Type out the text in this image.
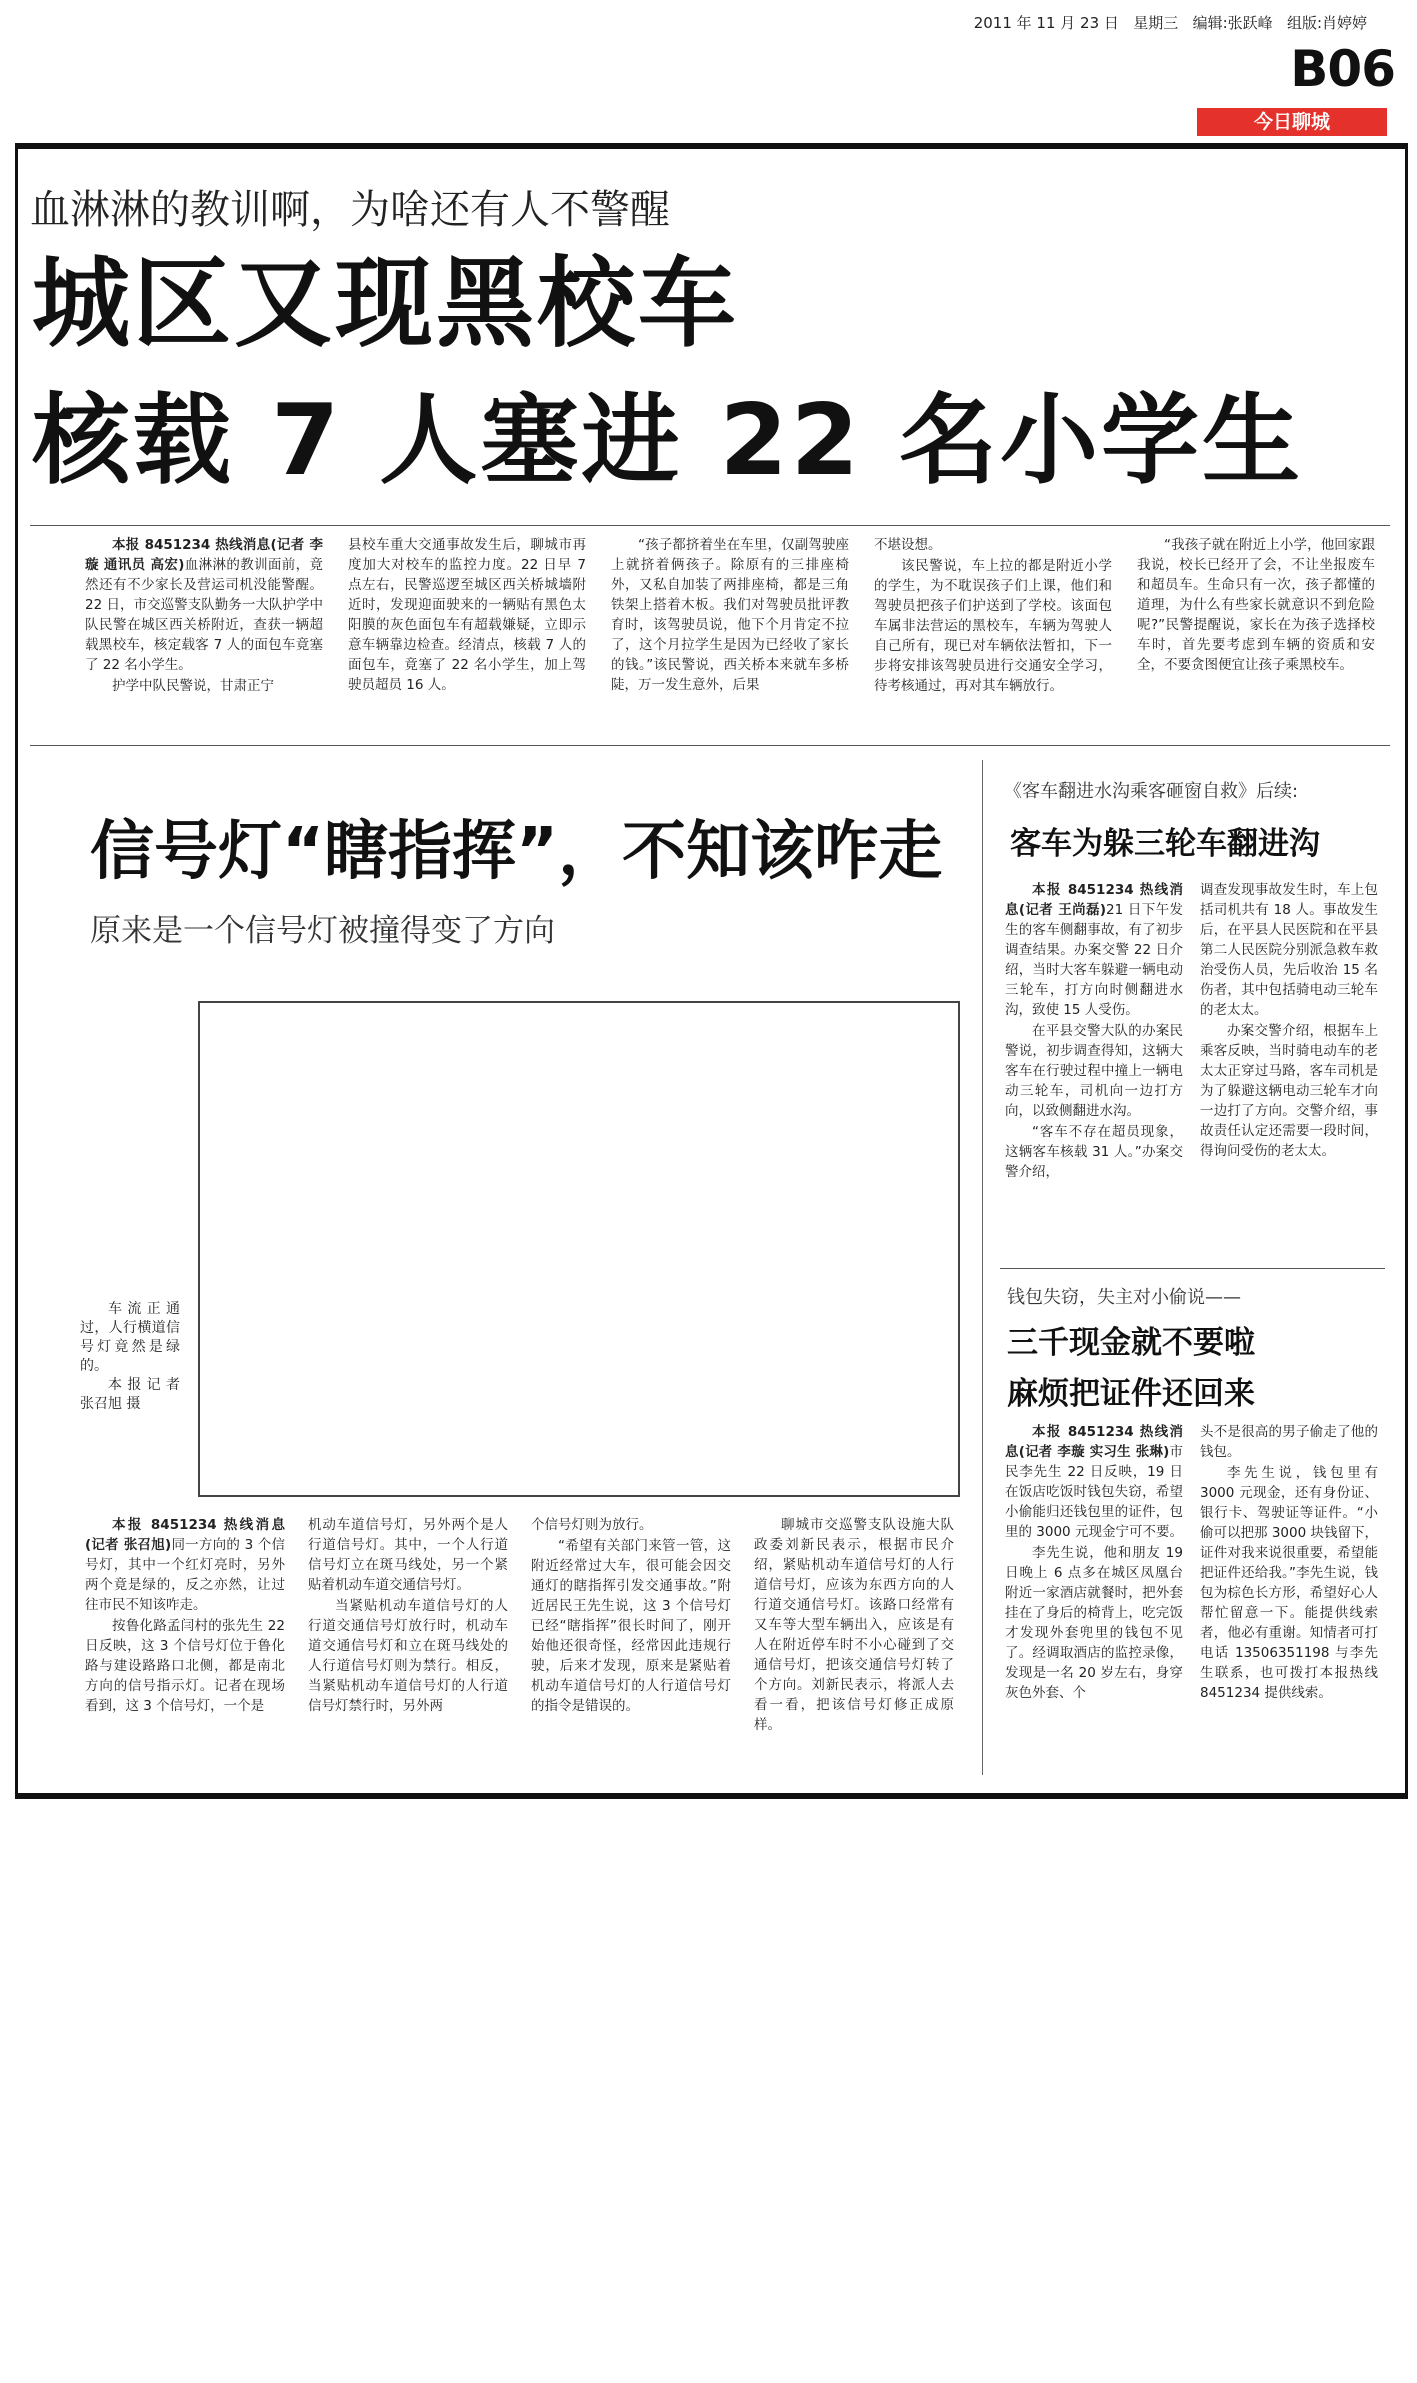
2011 年 11 月 23 日 星期三 编辑:张跃峰 组版:肖婷婷
B06
今日聊城
血淋淋的教训啊，为啥还有人不警醒
城区又现黑校车
核载 7 人塞进 22 名小学生

本报 8451234 热线消息(记者 李璇 通讯员 高宏)血淋淋的教训面前，竟然还有不少家长及营运司机没能警醒。22 日，市交巡警支队勤务一大队护学中队民警在城区西关桥附近，查获一辆超载黑校车，核定载客 7 人的面包车竟塞了 22 名小学生。

护学中队民警说，甘肃正宁

县校车重大交通事故发生后，聊城市再度加大对校车的监控力度。22 日早 7 点左右，民警巡逻至城区西关桥城墙附近时，发现迎面驶来的一辆贴有黑色太阳膜的灰色面包车有超载嫌疑，立即示意车辆靠边检查。经清点，核载 7 人的面包车，竟塞了 22 名小学生，加上驾驶员超员 16 人。

“孩子都挤着坐在车里，仅副驾驶座上就挤着俩孩子。除原有的三排座椅外，又私自加装了两排座椅，都是三角铁架上搭着木板。我们对驾驶员批评教育时，该驾驶员说，他下个月肯定不拉了，这个月拉学生是因为已经收了家长的钱。”该民警说，西关桥本来就车多桥陡，万一发生意外，后果

不堪设想。

该民警说，车上拉的都是附近小学的学生，为不耽误孩子们上课，他们和驾驶员把孩子们护送到了学校。该面包车属非法营运的黑校车，车辆为驾驶人自己所有，现已对车辆依法暂扣，下一步将安排该驾驶员进行交通安全学习，待考核通过，再对其车辆放行。

“我孩子就在附近上小学，他回家跟我说，校长已经开了会，不让坐报废车和超员车。生命只有一次，孩子都懂的道理，为什么有些家长就意识不到危险呢?”民警提醒说，家长在为孩子选择校车时，首先要考虑到车辆的资质和安全，不要贪图便宜让孩子乘黑校车。

信号灯“瞎指挥”，不知该咋走
原来是一个信号灯被撞得变了方向
车流正通过，人行横道信号灯竟然是绿的。
本报记者 张召旭 摄

本报 8451234 热线消息(记者 张召旭)同一方向的 3 个信号灯，其中一个红灯亮时，另外两个竟是绿的，反之亦然，让过往市民不知该咋走。

按鲁化路孟闫村的张先生 22 日反映，这 3 个信号灯位于鲁化路与建设路路口北侧，都是南北方向的信号指示灯。记者在现场看到，这 3 个信号灯，一个是

机动车道信号灯，另外两个是人行道信号灯。其中，一个人行道信号灯立在斑马线处，另一个紧贴着机动车道交通信号灯。

当紧贴机动车道信号灯的人行道交通信号灯放行时，机动车道交通信号灯和立在斑马线处的人行道信号灯则为禁行。相反，当紧贴机动车道信号灯的人行道信号灯禁行时，另外两

个信号灯则为放行。

“希望有关部门来管一管，这附近经常过大车，很可能会因交通灯的瞎指挥引发交通事故。”附近居民王先生说，这 3 个信号灯已经“瞎指挥”很长时间了，刚开始他还很奇怪，经常因此违规行驶，后来才发现，原来是紧贴着机动车道信号灯的人行道信号灯的指令是错误的。

聊城市交巡警支队设施大队政委刘新民表示，根据市民介绍，紧贴机动车道信号灯的人行道信号灯，应该为东西方向的人行道交通信号灯。该路口经常有又车等大型车辆出入，应该是有人在附近停车时不小心碰到了交通信号灯，把该交通信号灯转了个方向。刘新民表示，将派人去看一看，把该信号灯修正成原样。

《客车翻进水沟乘客砸窗自救》后续:
客车为躲三轮车翻进沟

本报 8451234 热线消息(记者 王尚磊)21 日下午发生的客车侧翻事故，有了初步调查结果。办案交警 22 日介绍，当时大客车躲避一辆电动三轮车，打方向时侧翻进水沟，致使 15 人受伤。

在平县交警大队的办案民警说，初步调查得知，这辆大客车在行驶过程中撞上一辆电动三轮车，司机向一边打方向，以致侧翻进水沟。

“客车不存在超员现象，这辆客车核载 31 人。”办案交警介绍，

调查发现事故发生时，车上包括司机共有 18 人。事故发生后，在平县人民医院和在平县第二人民医院分别派急救车救治受伤人员，先后收治 15 名伤者，其中包括骑电动三轮车的老太太。

办案交警介绍，根据车上乘客反映，当时骑电动车的老太太正穿过马路，客车司机是为了躲避这辆电动三轮车才向一边打了方向。交警介绍，事故责任认定还需要一段时间，得询问受伤的老太太。

钱包失窃，失主对小偷说——
三千现金就不要啦
麻烦把证件还回来

本报 8451234 热线消息(记者 李璇 实习生 张琳)市民李先生 22 日反映，19 日在饭店吃饭时钱包失窃，希望小偷能归还钱包里的证件，包里的 3000 元现金宁可不要。

李先生说，他和朋友 19 日晚上 6 点多在城区凤凰台附近一家酒店就餐时，把外套挂在了身后的椅背上，吃完饭才发现外套兜里的钱包不见了。经调取酒店的监控录像，发现是一名 20 岁左右，身穿灰色外套、个

头不是很高的男子偷走了他的钱包。

李先生说，钱包里有 3000 元现金，还有身份证、银行卡、驾驶证等证件。“小偷可以把那 3000 块钱留下，证件对我来说很重要，希望能把证件还给我。”李先生说，钱包为棕色长方形，希望好心人帮忙留意一下。能提供线索者，他必有重谢。知情者可打电话 13506351198 与李先生联系，也可拨打本报热线 8451234 提供线索。
